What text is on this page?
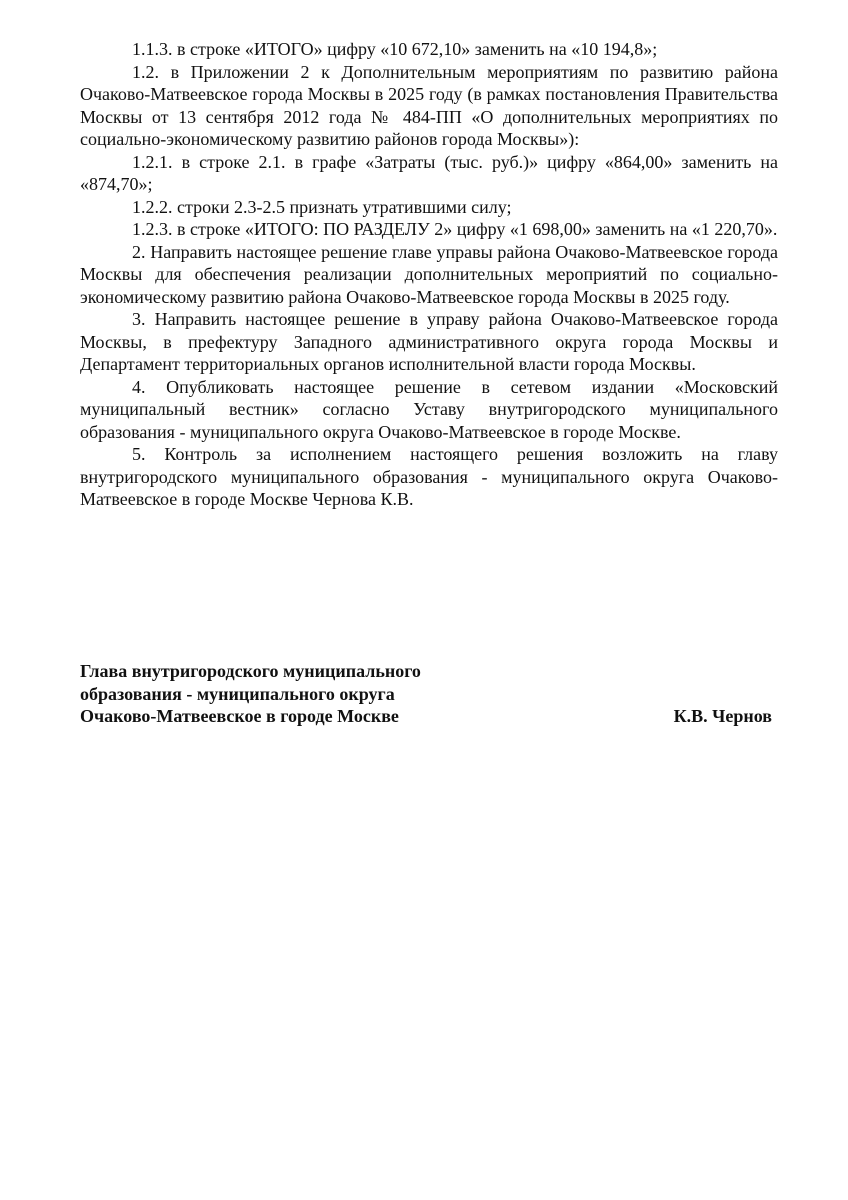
1.1.3. в строке «ИТОГО» цифру «10 672,10» заменить на «10 194,8»;

1.2. в Приложении 2 к Дополнительным мероприятиям по развитию района Очаково-Матвеевское города Москвы в 2025 году (в рамках постановления Правительства Москвы от 13 сентября 2012 года № 484-ПП «О дополнительных мероприятиях по социально-экономическому развитию районов города Москвы»):

1.2.1. в строке 2.1. в графе «Затраты (тыс. руб.)» цифру «864,00» заменить на «874,70»;

1.2.2. строки 2.3-2.5 признать утратившими силу;

1.2.3. в строке «ИТОГО: ПО РАЗДЕЛУ 2» цифру «1 698,00» заменить на «1 220,70».

2. Направить настоящее решение главе управы района Очаково-Матвеевское города Москвы для обеспечения реализации дополнительных мероприятий по социально-экономическому развитию района Очаково-Матвеевское города Москвы в 2025 году.

3. Направить настоящее решение в управу района Очаково-Матвеевское города Москвы, в префектуру Западного административного округа города Москвы и Департамент территориальных органов исполнительной власти города Москвы.

4. Опубликовать настоящее решение в сетевом издании «Московский муниципальный вестник» согласно Уставу внутригородского муниципального образования - муниципального округа Очаково-Матвеевское в городе Москве.

5. Контроль за исполнением настоящего решения возложить на главу внутригородского муниципального образования - муниципального округа Очаково-Матвеевское в городе Москве Чернова К.В.

Глава внутригородского муниципального
образования - муниципального округа
Очаково-Матвеевское в городе Москве	К.В. Чернов
